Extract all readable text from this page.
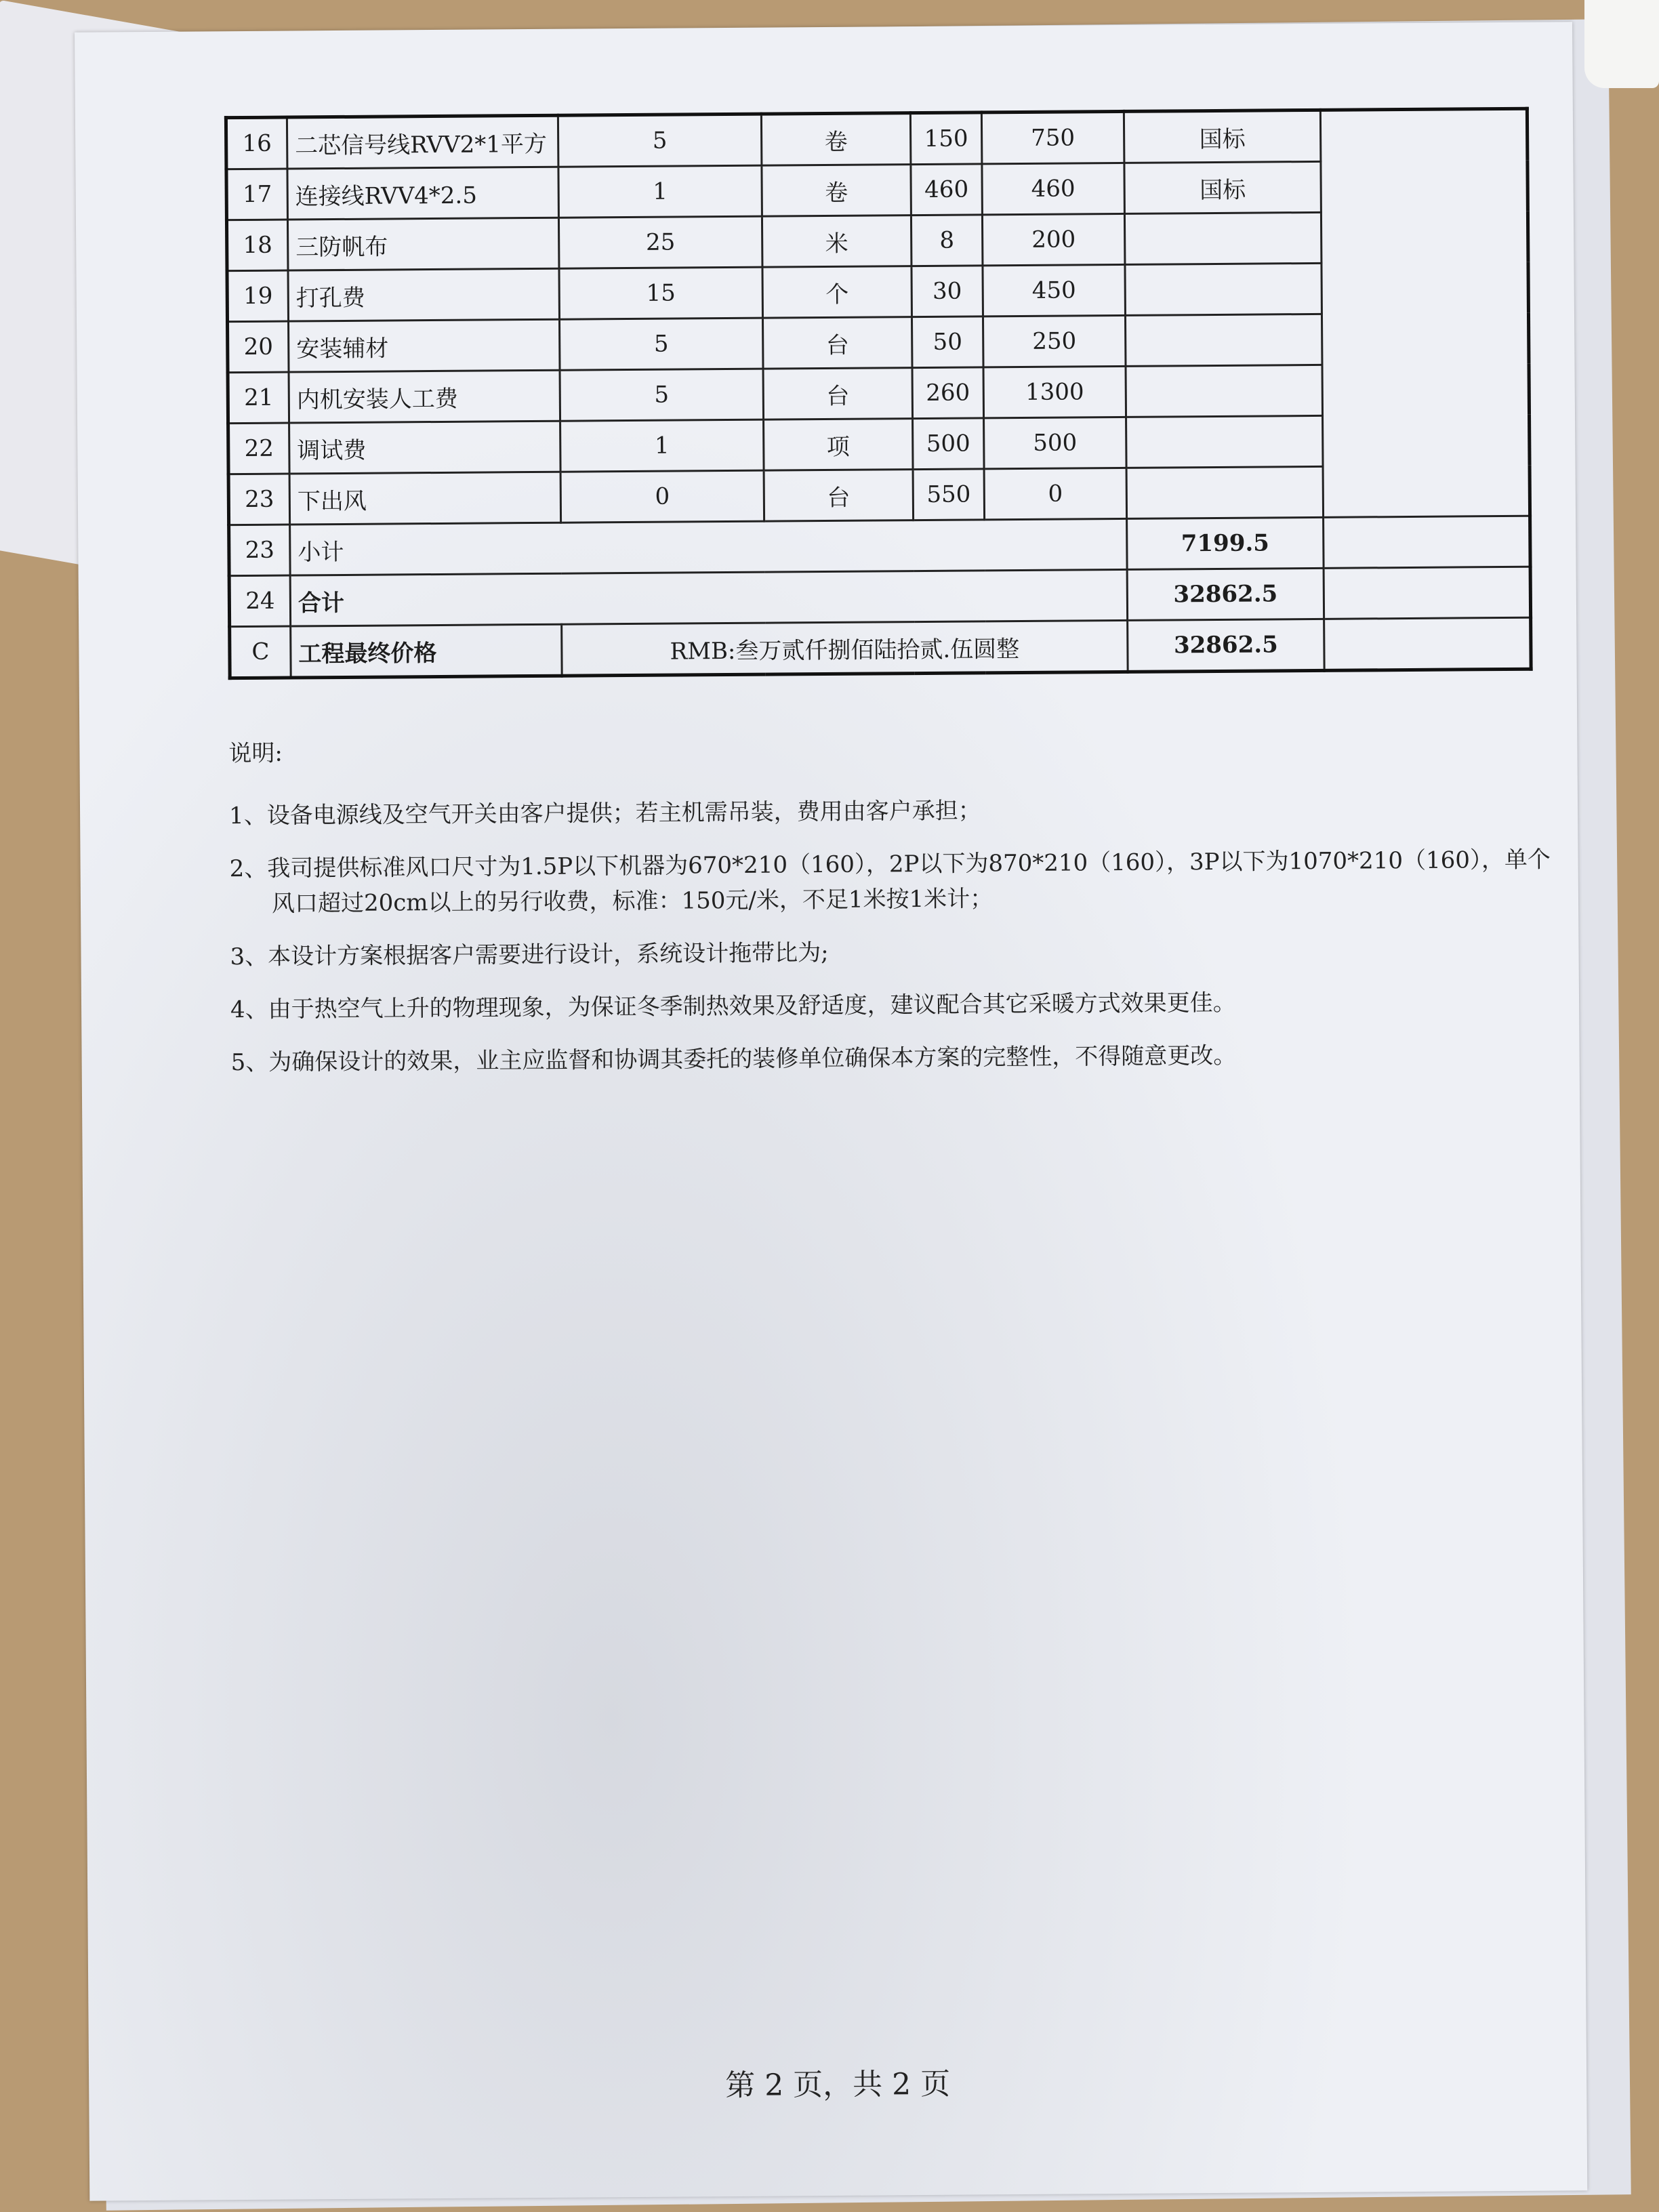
16	二芯信号线RVV2*1平方	5	卷	150	750	国标	
17	连接线RVV4*2.5	1	卷	460	460	国标	
18	三防帆布	25	米	8	200		
19	打孔费	15	个	30	450		
20	安装辅材	5	台	50	250		
21	内机安装人工费	5	台	260	1300		
22	调试费	1	项	500	500		
23	下出风	0	台	550	0		
23	小计					7199.5	
24	合计					32862.5	
C	工程最终价格	RMB:叁万贰仟捌佰陆拾贰.伍圆整				32862.5	
说明:

1、设备电源线及空气开关由客户提供；若主机需吊装，费用由客户承担；

2、我司提供标准风口尺寸为1.5P以下机器为670*210（160），2P以下为870*210（160），3P以下为1070*210（160），单个风口超过20cm以上的另行收费，标准：150元/米，不足1米按1米计；

3、本设计方案根据客户需要进行设计，系统设计拖带比为;

4、由于热空气上升的物理现象，为保证冬季制热效果及舒适度，建议配合其它采暖方式效果更佳。

5、为确保设计的效果，业主应监督和协调其委托的装修单位确保本方案的完整性，不得随意更改。

第 2 页，共 2 页
